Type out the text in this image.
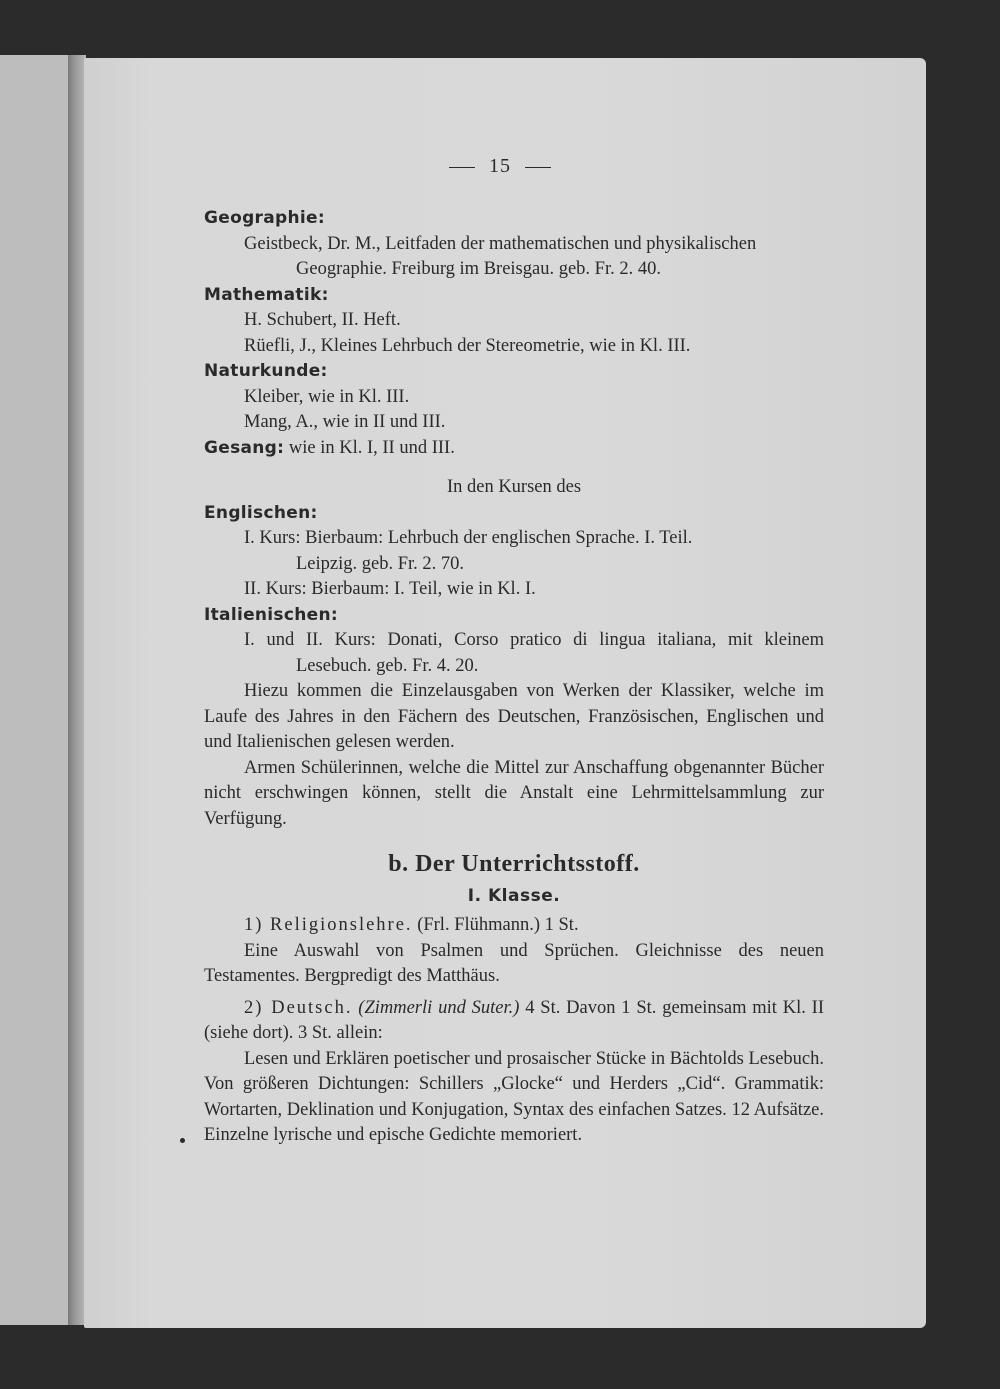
15
Geographie:
Geistbeck, Dr. M., Leitfaden der mathematischen und physikalischen
Geographie. Freiburg im Breisgau. geb. Fr. 2. 40.
Mathematik:
H. Schubert, II. Heft.
Rüefli, J., Kleines Lehrbuch der Stereometrie, wie in Kl. III.
Naturkunde:
Kleiber, wie in Kl. III.
Mang, A., wie in II und III.
Gesang: wie in Kl. I, II und III.
In den Kursen des
Englischen:
I. Kurs: Bierbaum: Lehrbuch der englischen Sprache. I. Teil.
Leipzig. geb. Fr. 2. 70.
II. Kurs: Bierbaum: I. Teil, wie in Kl. I.
Italienischen:
I. und II. Kurs: Donati, Corso pratico di lingua italiana, mit kleinem Lesebuch. geb. Fr. 4. 20.
Hiezu kommen die Einzelausgaben von Werken der Klassiker, welche im Laufe des Jahres in den Fächern des Deutschen, Französischen, Englischen und und Italienischen gelesen werden.
Armen Schülerinnen, welche die Mittel zur Anschaffung obgenannter Bücher nicht erschwingen können, stellt die Anstalt eine Lehrmittelsammlung zur Verfügung.
b. Der Unterrichtsstoff.
I. Klasse.
1) Religionslehre. (Frl. Flühmann.) 1 St.
Eine Auswahl von Psalmen und Sprüchen. Gleichnisse des neuen Testamentes. Bergpredigt des Matthäus.
2) Deutsch. (Zimmerli und Suter.) 4 St. Davon 1 St. gemeinsam mit Kl. II (siehe dort). 3 St. allein:
Lesen und Erklären poetischer und prosaischer Stücke in Bächtolds Lesebuch. Von größeren Dichtungen: Schillers „Glocke“ und Herders „Cid“. Grammatik: Wortarten, Deklination und Konjugation, Syntax des einfachen Satzes. 12 Aufsätze. Einzelne lyrische und epische Gedichte memoriert.
